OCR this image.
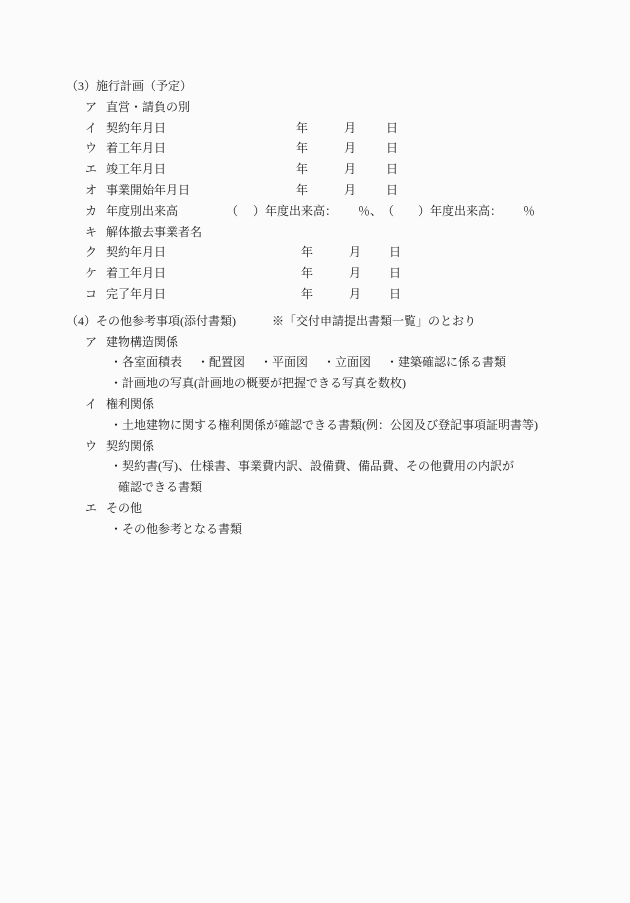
（3）施行計画（予定）
ア 直営・請負の別
イ 契約年月日	年	月 日
ウ 着工年月日	年	月 日
エ 竣工年月日	年	月 日
オ 事業開始年月日	年	月 日
カ 年度別出来高	（　 ）年度出来高：　　 ％、　（　　）年度出来高：　　 ％
キ 解体撤去事業者名
ク 契約年月日	年	月 日
ケ 着工年月日	年	月 日
コ 完了年月日	年	月 日
（4）その他参考事項(添付書類)	※「交付申請提出書類一覧」のとおり
ア 建物構造関係
・各室面積表　 ・配置図　 ・平面図　 ・立面図　 ・建築確認に係る書類
・計画地の写真(計画地の概要が把握できる写真を数枚)
イ 権利関係
・土地建物に関する権利関係が確認できる書類(例：公図及び登記事項証明書等)
ウ 契約関係
・契約書(写)、仕様書、事業費内訳、設備費、備品費、その他費用の内訳が
確認できる書類
エ その他
・その他参考となる書類
